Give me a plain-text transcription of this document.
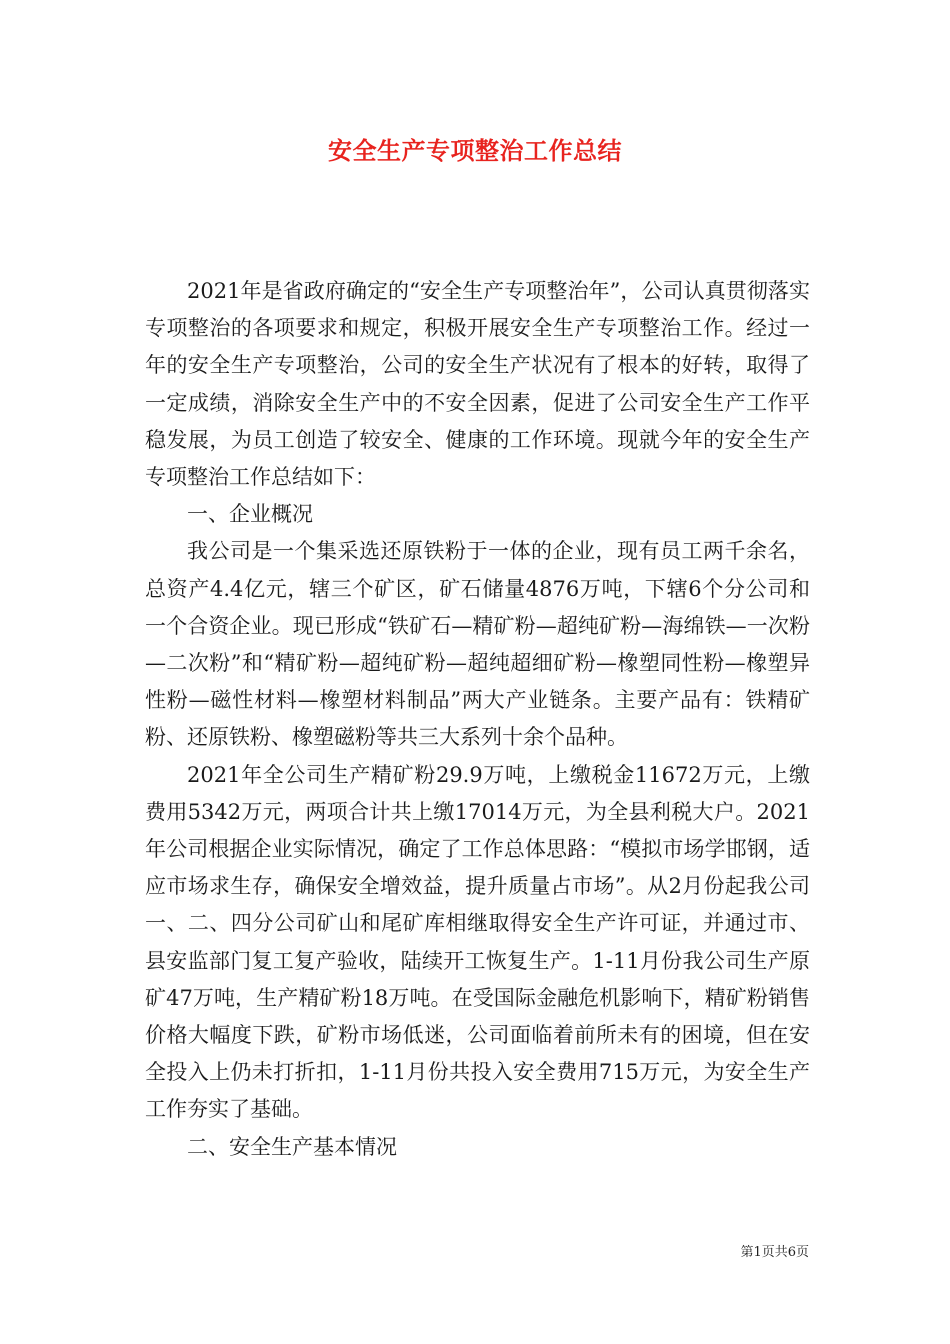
安全生产专项整治工作总结

2021年是省政府确定的“安全生产专项整治年”，公司认真贯彻落实专项整治的各项要求和规定，积极开展安全生产专项整治工作。经过一年的安全生产专项整治，公司的安全生产状况有了根本的好转，取得了一定成绩，消除安全生产中的不安全因素，促进了公司安全生产工作平稳发展，为员工创造了较安全、健康的工作环境。现就今年的安全生产专项整治工作总结如下：

一、企业概况

我公司是一个集采选还原铁粉于一体的企业，现有员工两千余名，总资产4.4亿元，辖三个矿区，矿石储量4876万吨，下辖6个分公司和一个合资企业。现已形成“铁矿石—精矿粉—超纯矿粉—海绵铁—一次粉—二次粉”和“精矿粉—超纯矿粉—超纯超细矿粉—橡塑同性粉—橡塑异性粉—磁性材料—橡塑材料制品”两大产业链条。主要产品有：铁精矿粉、还原铁粉、橡塑磁粉等共三大系列十余个品种。

2021年全公司生产精矿粉29.9万吨，上缴税金11672万元，上缴费用5342万元，两项合计共上缴17014万元，为全县利税大户。2021年公司根据企业实际情况，确定了工作总体思路：“模拟市场学邯钢，适应市场求生存，确保安全增效益，提升质量占市场”。从2月份起我公司一、二、四分公司矿山和尾矿库相继取得安全生产许可证，并通过市、县安监部门复工复产验收，陆续开工恢复生产。1-11月份我公司生产原矿47万吨，生产精矿粉18万吨。在受国际金融危机影响下，精矿粉销售价格大幅度下跌，矿粉市场低迷，公司面临着前所未有的困境，但在安全投入上仍未打折扣，1-11月份共投入安全费用715万元，为安全生产工作夯实了基础。

二、安全生产基本情况

第1页共6页
